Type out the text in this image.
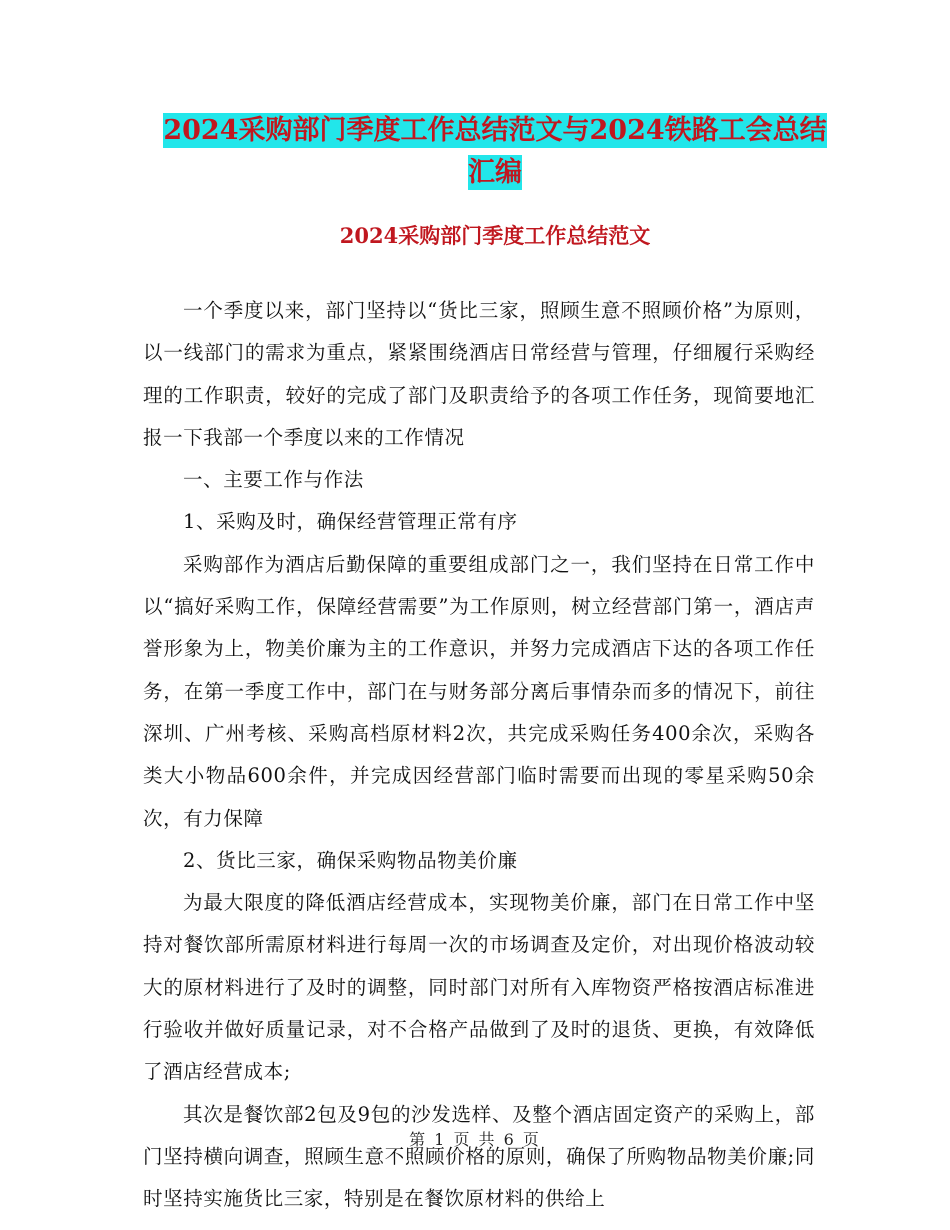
2024采购部门季度工作总结范文与2024铁路工会总结
汇编
2024采购部门季度工作总结范文

一个季度以来，部门坚持以“货比三家，照顾生意不照顾价格”为原则，以一线部门的需求为重点，紧紧围绕酒店日常经营与管理，仔细履行采购经理的工作职责，较好的完成了部门及职责给予的各项工作任务，现简要地汇报一下我部一个季度以来的工作情况

一、主要工作与作法

1、采购及时，确保经营管理正常有序

采购部作为酒店后勤保障的重要组成部门之一，我们坚持在日常工作中以“搞好采购工作，保障经营需要”为工作原则，树立经营部门第一，酒店声誉形象为上，物美价廉为主的工作意识，并努力完成酒店下达的各项工作任务，在第一季度工作中，部门在与财务部分离后事情杂而多的情况下，前往深圳、广州考核、采购高档原材料2次，共完成采购任务400余次，采购各类大小物品600余件，并完成因经营部门临时需要而出现的零星采购50余次，有力保障

2、货比三家，确保采购物品物美价廉

为最大限度的降低酒店经营成本，实现物美价廉，部门在日常工作中坚持对餐饮部所需原材料进行每周一次的市场调查及定价，对出现价格波动较大的原材料进行了及时的调整，同时部门对所有入库物资严格按酒店标准进行验收并做好质量记录，对不合格产品做到了及时的退货、更换，有效降低了酒店经营成本;

其次是餐饮部2包及9包的沙发选样、及整个酒店固定资产的采购上，部门坚持横向调查，照顾生意不照顾价格的原则，确保了所购物品物美价廉;同时坚持实施货比三家，特别是在餐饮原材料的供给上

第 1 页 共 6 页
